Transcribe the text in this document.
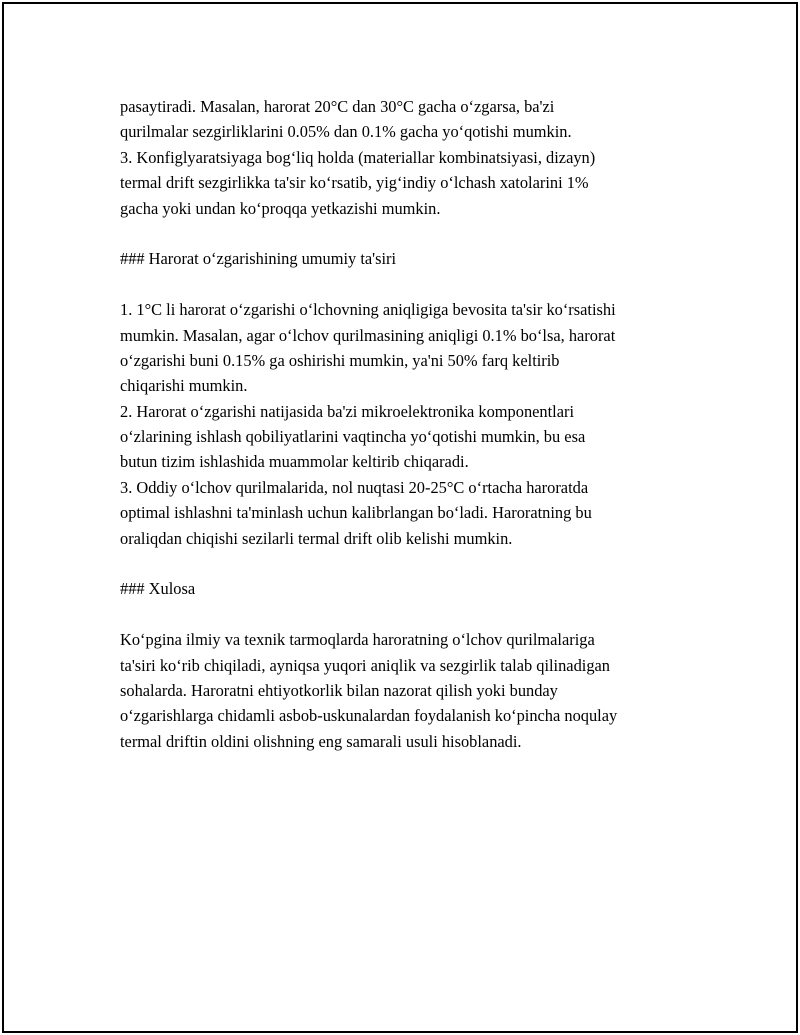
pasaytiradi. Masalan, harorat 20°C dan 30°C gacha o‘zgarsa, ba'zi
qurilmalar sezgirliklarini 0.05% dan 0.1% gacha yo‘qotishi mumkin.
3. Konfiglyaratsiyaga bog‘liq holda (materiallar kombinatsiyasi, dizayn)
termal drift sezgirlikka ta'sir ko‘rsatib, yig‘indiy o‘lchash xatolarini 1%
gacha yoki undan ko‘proqqa yetkazishi mumkin.
### Harorat o‘zgarishining umumiy ta'siri
1. 1°C li harorat o‘zgarishi o‘lchovning aniqligiga bevosita ta'sir ko‘rsatishi
mumkin. Masalan, agar o‘lchov qurilmasining aniqligi 0.1% bo‘lsa, harorat
o‘zgarishi buni 0.15% ga oshirishi mumkin, ya'ni 50% farq keltirib
chiqarishi mumkin.
2. Harorat o‘zgarishi natijasida ba'zi mikroelektronika komponentlari
o‘zlarining ishlash qobiliyatlarini vaqtincha yo‘qotishi mumkin, bu esa
butun tizim ishlashida muammolar keltirib chiqaradi.
3. Oddiy o‘lchov qurilmalarida, nol nuqtasi 20-25°C o‘rtacha haroratda
optimal ishlashni ta'minlash uchun kalibrlangan bo‘ladi. Haroratning bu
oraliqdan chiqishi sezilarli termal drift olib kelishi mumkin.
### Xulosa
Ko‘pgina ilmiy va texnik tarmoqlarda haroratning o‘lchov qurilmalariga
ta'siri ko‘rib chiqiladi, ayniqsa yuqori aniqlik va sezgirlik talab qilinadigan
sohalarda. Haroratni ehtiyotkorlik bilan nazorat qilish yoki bunday
o‘zgarishlarga chidamli asbob-uskunalardan foydalanish ko‘pincha noqulay
termal driftin oldini olishning eng samarali usuli hisoblanadi.
